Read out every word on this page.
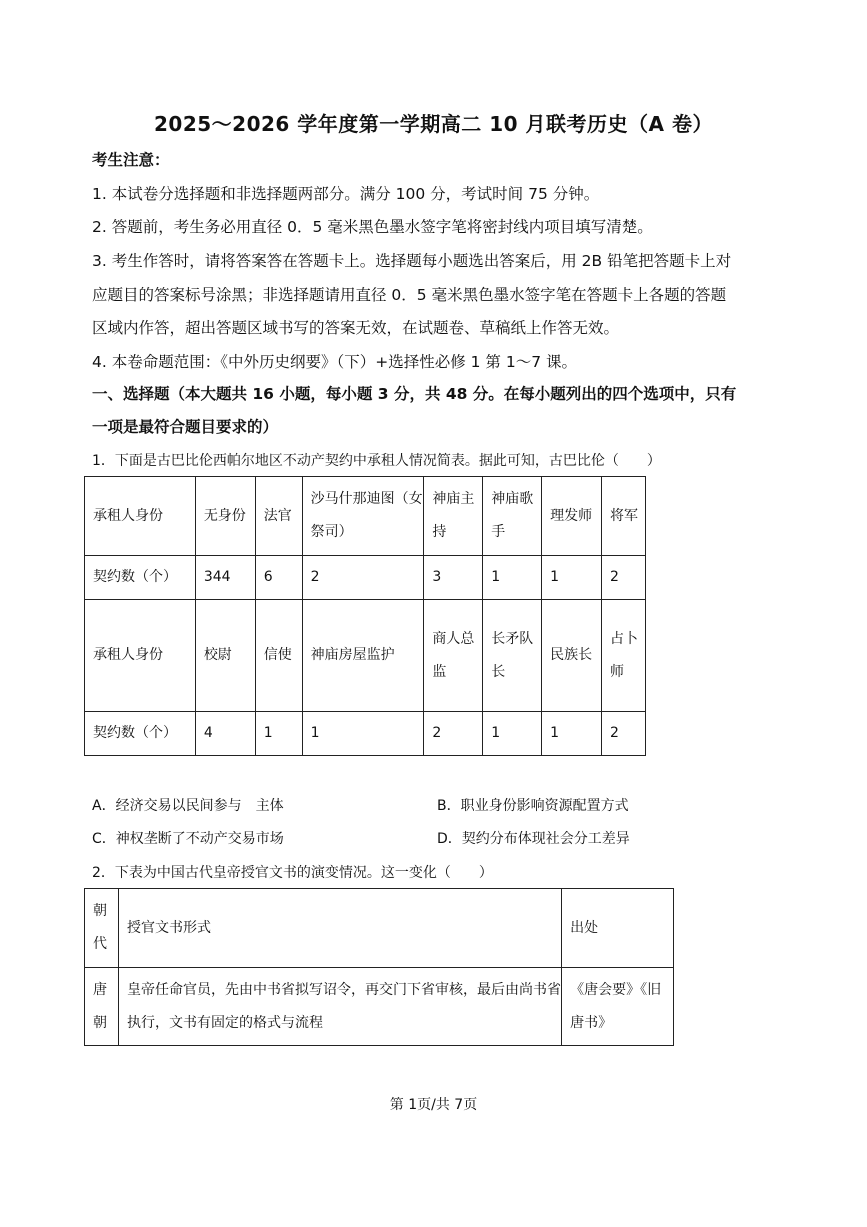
2025～2026 学年度第一学期高二 10 月联考历史（A 卷）
考生注意：
1. 本试卷分选择题和非选择题两部分。满分 100 分，考试时间 75 分钟。
2. 答题前，考生务必用直径 0．5 毫米黑色墨水签字笔将密封线内项目填写清楚。
3. 考生作答时，请将答案答在答题卡上。选择题每小题选出答案后，用 2B 铅笔把答题卡上对
应题目的答案标号涂黑；非选择题请用直径 0．5 毫米黑色墨水签字笔在答题卡上各题的答题
区域内作答，超出答题区域书写的答案无效，在试题卷、草稿纸上作答无效。
4. 本卷命题范围：《中外历史纲要》（下）+选择性必修 1 第 1～7 课。
一、选择题（本大题共 16 小题，每小题 3 分，共 48 分。在每小题列出的四个选项中，只有
一项是最符合题目要求的）
1．下面是古巴比伦西帕尔地区不动产契约中承租人情况简表。据此可知，古巴比伦（　　）
承租人身份	无身份	法官	沙马什那迪图（女祭司）	神庙主持	神庙歌手	理发师	将军
契约数（个）	344	6	2	3	1	1	2
承租人身份	校尉	信使	神庙房屋监护	商人总监	长矛队长	民族长	占卜师
契约数（个）	4	1	1	2	1	1	2
A．经济交易以民间参与　主体	B．职业身份影响资源配置方式
C．神权垄断了不动产交易市场	D．契约分布体现社会分工差异
2．下表为中国古代皇帝授官文书的演变情况。这一变化（　　）
朝代	授官文书形式	出处
唐朝	皇帝任命官员，先由中书省拟写诏令，再交门下省审核，最后由尚书省执行，文书有固定的格式与流程	《唐会要》《旧唐书》
第 1页/共 7页
